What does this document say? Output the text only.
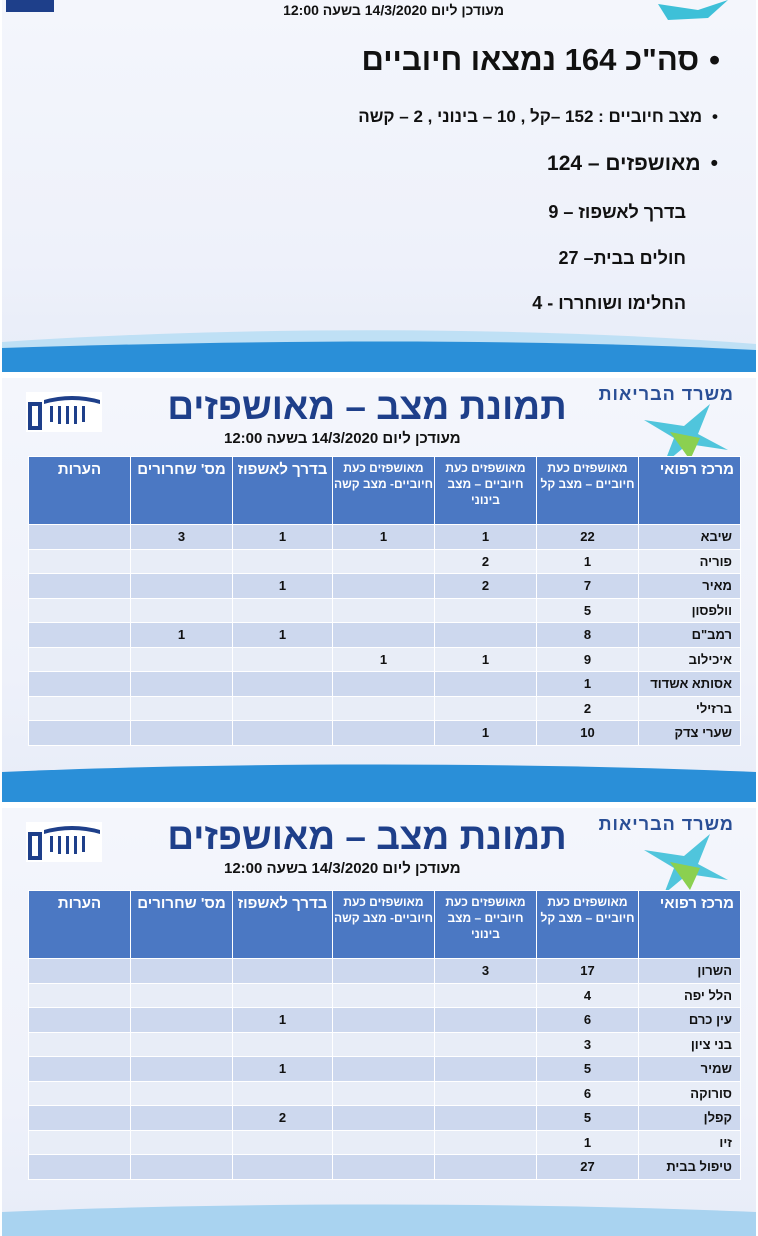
מעודכן ליום 14/3/2020 בשעה 12:00
•סה"כ 164 נמצאו חיוביים
•מצב חיוביים : 152 –קל , 10 – בינוני , 2 – קשה
•מאושפזים – 124
בדרך לאשפוז – 9
חולים בבית– 27
החלימו ושוחררו - 4
משרד הבריאות
תמונת מצב – מאושפזים
מעודכן ליום 14/3/2020 בשעה 12:00
מרכז רפואי	מאושפזים כעת חיוביים – מצב קל	מאושפזים כעת חיוביים – מצב בינוני	מאושפזים כעת חיוביים- מצב קשה	בדרך לאשפוז	מס' שחרורים	הערות
שיבא	22	1	1	1	3	
פוריה	1	2				
מאיר	7	2		1		
וולפסון	5					
רמב"ם	8			1	1	
איכילוב	9	1	1			
אסותא אשדוד	1					
ברזילי	2					
שערי צדק	10	1				
משרד הבריאות
תמונת מצב – מאושפזים
מעודכן ליום 14/3/2020 בשעה 12:00
מרכז רפואי	מאושפזים כעת חיוביים – מצב קל	מאושפזים כעת חיוביים – מצב בינוני	מאושפזים כעת חיוביים- מצב קשה	בדרך לאשפוז	מס' שחרורים	הערות
השרון	17	3				
הלל יפה	4					
עין כרם	6			1		
בני ציון	3					
שמיר	5			1		
סורוקה	6					
קפלן	5			2		
זיו	1					
טיפול בבית	27					
